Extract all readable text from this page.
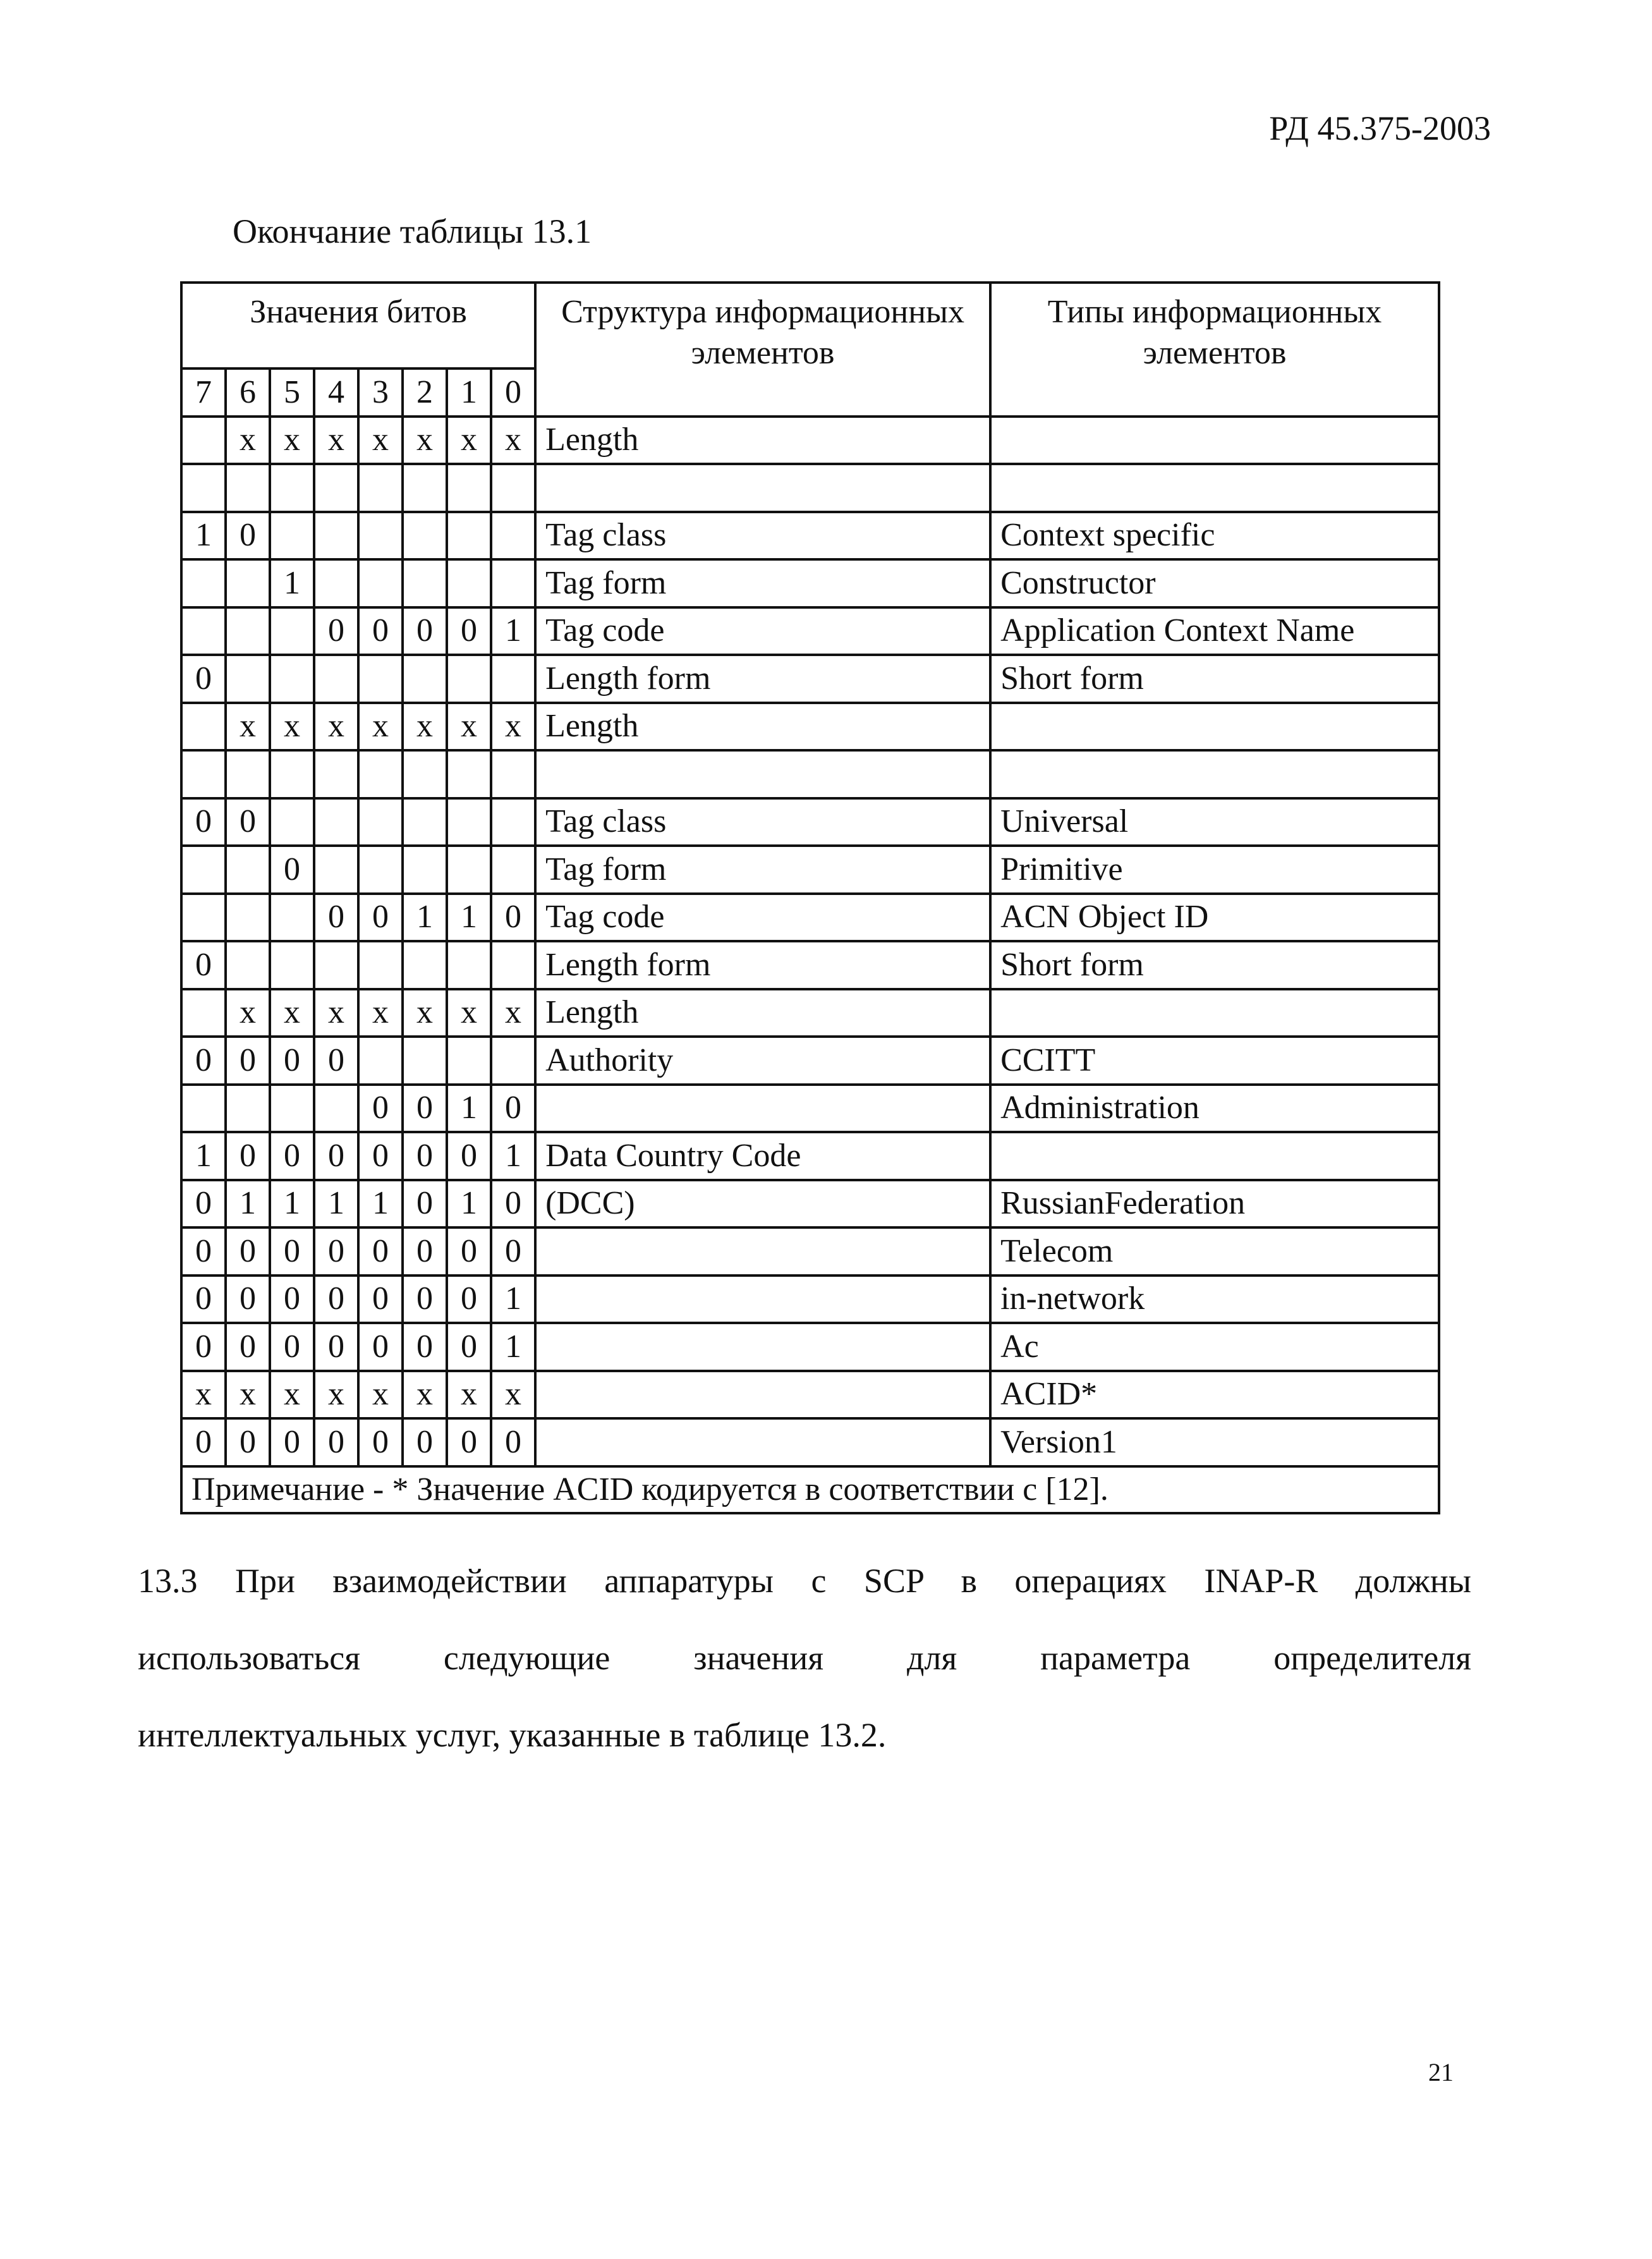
РД 45.375-2003
Окончание таблицы 13.1
Значения битов								Структура информационных элементов	Типы информационных элементов
7	6	5	4	3	2	1	0		
	x	x	x	x	x	x	x	Length	

1	0							Tag class	Context specific
		1						Tag form	Constructor
			0	0	0	0	1	Tag code	Application Context Name
0								Length form	Short form
	x	x	x	x	x	x	x	Length	

0	0							Tag class	Universal
		0						Tag form	Primitive
			0	0	1	1	0	Tag code	ACN Object ID
0								Length form	Short form
	x	x	x	x	x	x	x	Length	
0	0	0	0					Authority	CCITT
				0	0	1	0		Administration
1	0	0	0	0	0	0	1	Data Country Code	
0	1	1	1	1	0	1	0	(DCC)	RussianFederation
0	0	0	0	0	0	0	0		Telecom
0	0	0	0	0	0	0	1		in-network
0	0	0	0	0	0	0	1		Ac
x	x	x	x	x	x	x	x		ACID*
0	0	0	0	0	0	0	0		Version1
Примечание - * Значение ACID кодируется в соответствии с [12].									

13.3 При взаимодействии аппаратуры с SCP в операциях INAP-R должны

использоваться следующие значения для параметра определителя

интеллектуальных услуг, указанные в таблице 13.2.

21
